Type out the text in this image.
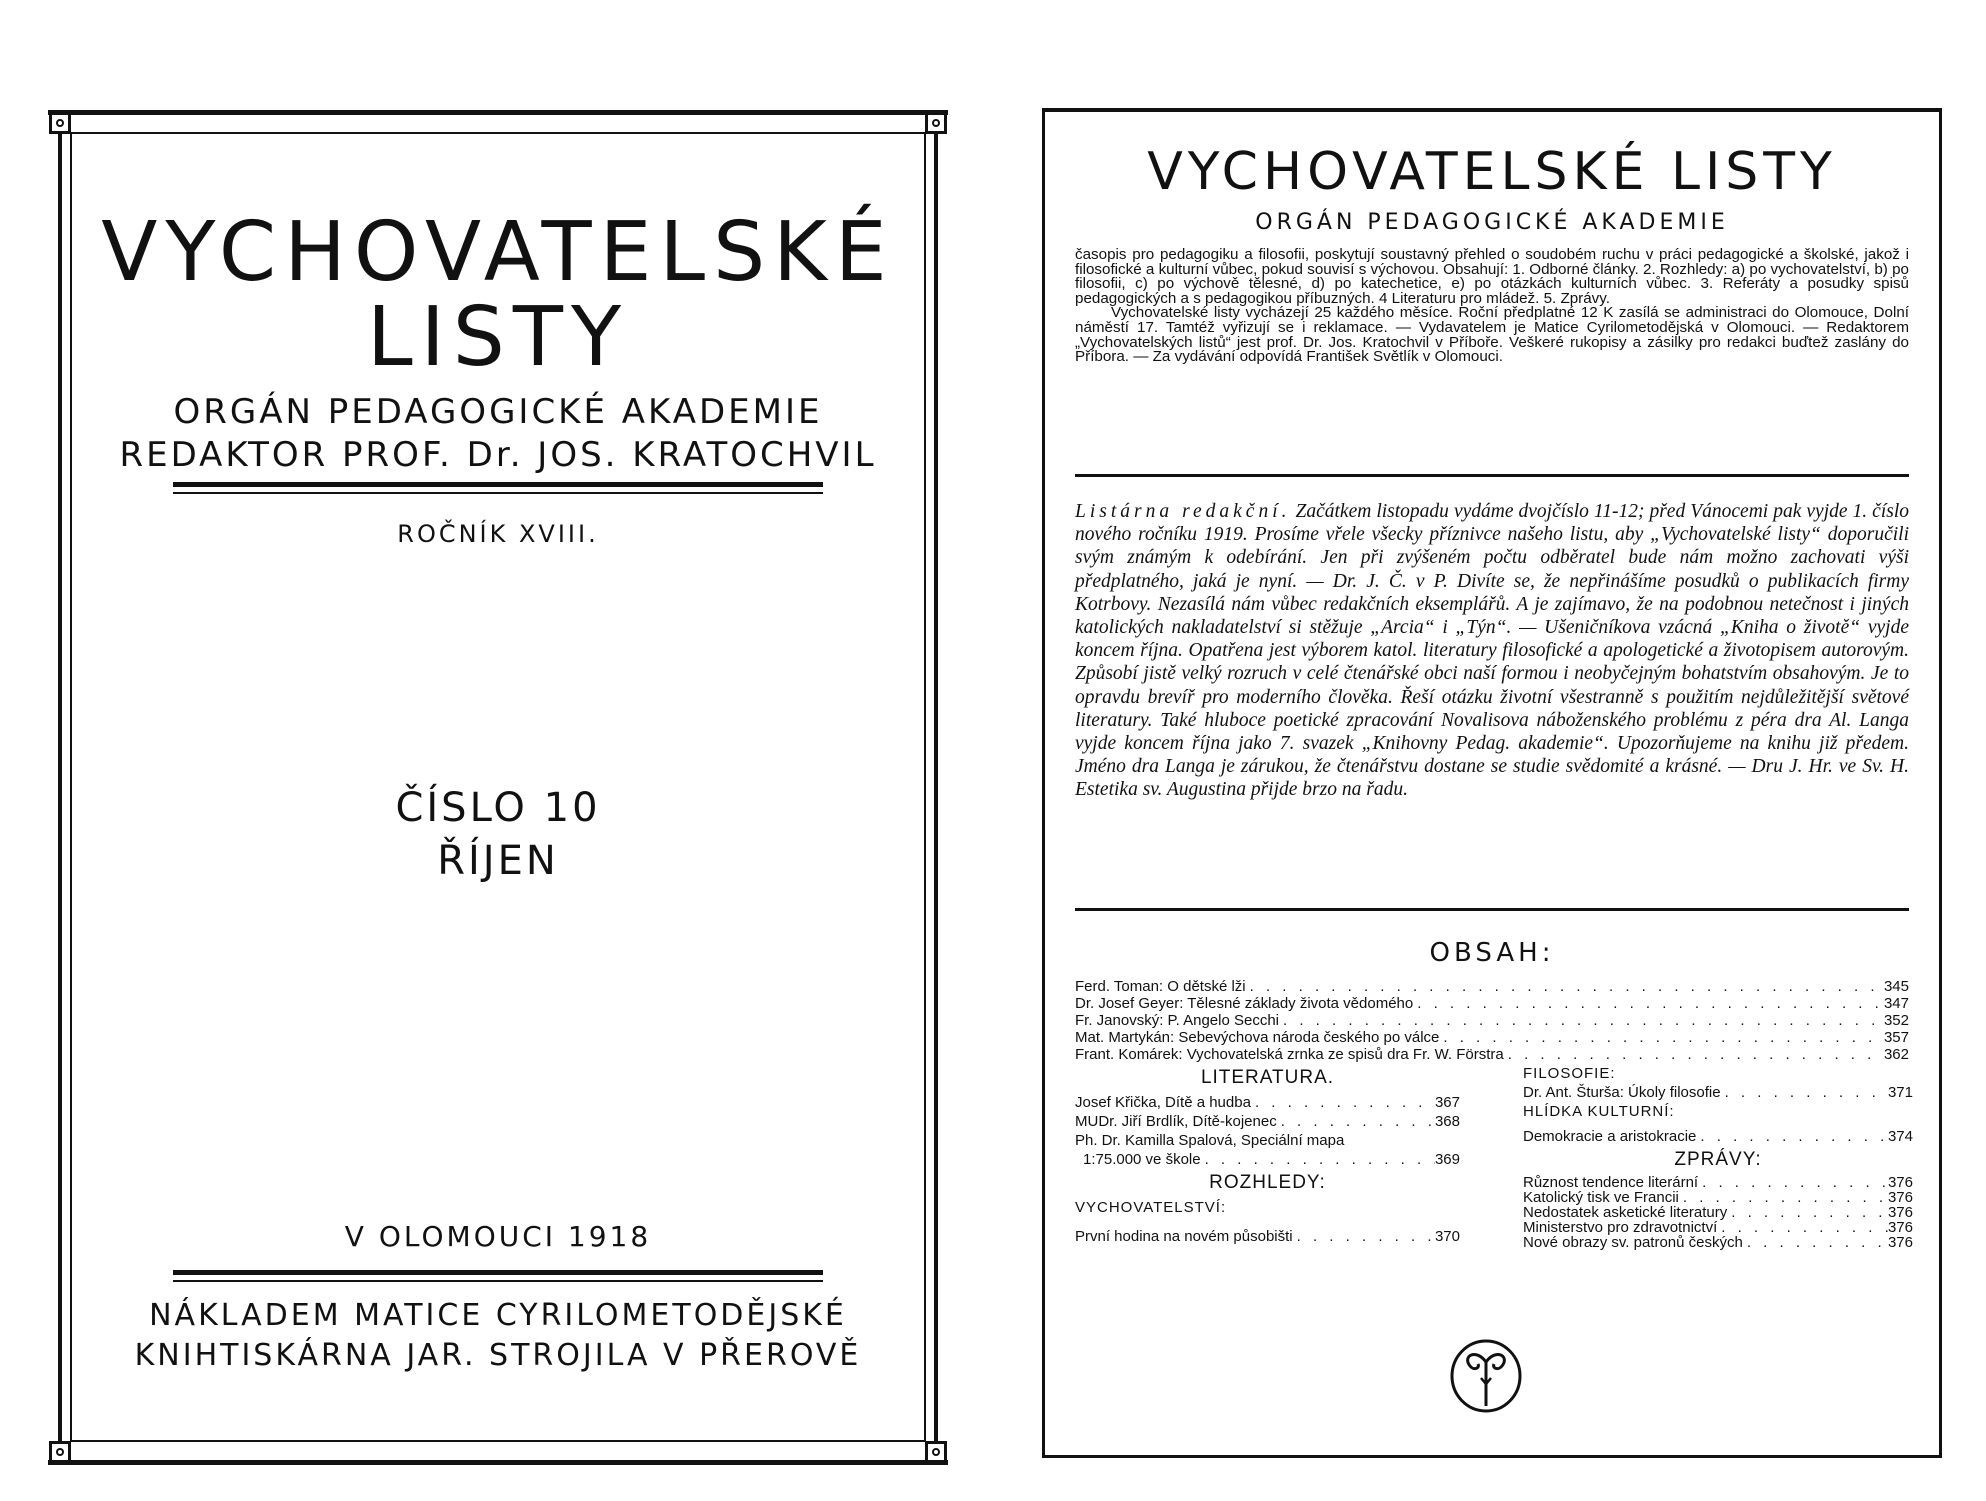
VYCHOVATELSKÉ
LISTY
ORGÁN PEDAGOGICKÉ AKADEMIE
REDAKTOR PROF. Dr. JOS. KRATOCHVIL
ROČNÍK XVIII.
ČÍSLO 10
ŘÍJEN
V OLOMOUCI 1918
NÁKLADEM MATICE CYRILOMETODĚJSKÉ
KNIHTISKÁRNA JAR. STROJILA V PŘEROVĚ
VYCHOVATELSKÉ LISTY
ORGÁN PEDAGOGICKÉ AKADEMIE

časopis pro pedagogiku a filosofii, poskytují soustavný přehled o soudobém ruchu v práci pedagogické a školské, jakož i filosofické a kulturní vůbec, pokud souvisí s výchovou. Obsahují: 1. Odborné články. 2. Rozhledy: a) po vychovatelství, b) po filosofii, c) po výchově tělesné, d) po katechetice, e) po otázkách kulturních vůbec. 3. Referáty a posudky spisů pedagogických a s pedagogikou příbuzných. 4 Literaturu pro mládež. 5. Zprávy.

Vychovatelské listy vycházejí 25 každého měsíce. Roční předplatné 12 K zasílá se administraci do Olomouce, Dolní náměstí 17. Tamtéž vyřizují se i reklamace. — Vydavatelem je Matice Cyrilometodějská v Olomouci. — Redaktorem „Vychovatelských listů“ jest prof. Dr. Jos. Kratochvil v Příboře. Veškeré rukopisy a zásilky pro redakci buďtež zaslány do Příbora. — Za vydávání odpovídá František Světlík v Olomouci.

Listárna redakční. Začátkem listopadu vydáme dvojčíslo 11-12; před Vánocemi pak vyjde 1. číslo nového ročníku 1919. Prosíme vřele všecky příznivce našeho listu, aby „Vychovatelské listy“ doporučili svým známým k odebírání. Jen při zvýšeném počtu odběratel bude nám možno zachovati výši předplatného, jaká je nyní. — Dr. J. Č. v P. Divíte se, že nepřinášíme posudků o publikacích firmy Kotrbovy. Nezasílá nám vůbec redakčních eksemplářů. A je zajímavo, že na podobnou netečnost i jiných katolických nakladatelství si stěžuje „Arcia“ i „Týn“. — Ušeničníkova vzácná „Kniha o životě“ vyjde koncem října. Opatřena jest výborem katol. literatury filosofické a apologetické a životopisem autorovým. Způsobí jistě velký rozruch v celé čtenářské obci naší formou i neobyčejným bohatstvím obsahovým. Je to opravdu brevíř pro moderního člověka. Řeší otázku životní všestranně s použitím nejdůležitější světové literatury. Také hluboce poetické zpracování Novalisova náboženského problému z péra dra Al. Langa vyjde koncem října jako 7. svazek „Knihovny Pedag. akademie“. Upozorňujeme na knihu již předem. Jméno dra Langa je zárukou, že čtenářstvu dostane se studie svědomité a krásné. — Dru J. Hr. ve Sv. H. Estetika sv. Augustina přijde brzo na řadu.
OBSAH:
Ferd. Toman: O dětské lži . . .	345
Dr. Josef Geyer: Tělesné základy života vědomého . . .	347
Fr. Janovský: P. Angelo Secchi . . .	352
Mat. Martykán: Sebevýchova národa českého po válce . . .	357
Frant. Komárek: Vychovatelská zrnka ze spisů dra Fr. W. Förstra . . .	362
LITERATURA.
Josef Křička, Dítě a hudba . . .	367
MUDr. Jiří Brdlík, Dítě-kojenec . . .	368
Ph. Dr. Kamilla Spalová, Speciální mapa
1:75.000 ve škole . . .	369
ROZHLEDY:
VYCHOVATELSTVÍ:
První hodina na novém působišti . . .	370
FILOSOFIE:
Dr. Ant. Šturša: Úkoly filosofie . . .	371
HLÍDKA KULTURNÍ:
Demokracie a aristokracie . . .	374
ZPRÁVY:
Různost tendence literární . . .	376
Katolický tisk ve Francii . . .	376
Nedostatek asketické literatury . . .	376
Ministerstvo pro zdravotnictví . . .	376
Nové obrazy sv. patronů českých . . .	376
